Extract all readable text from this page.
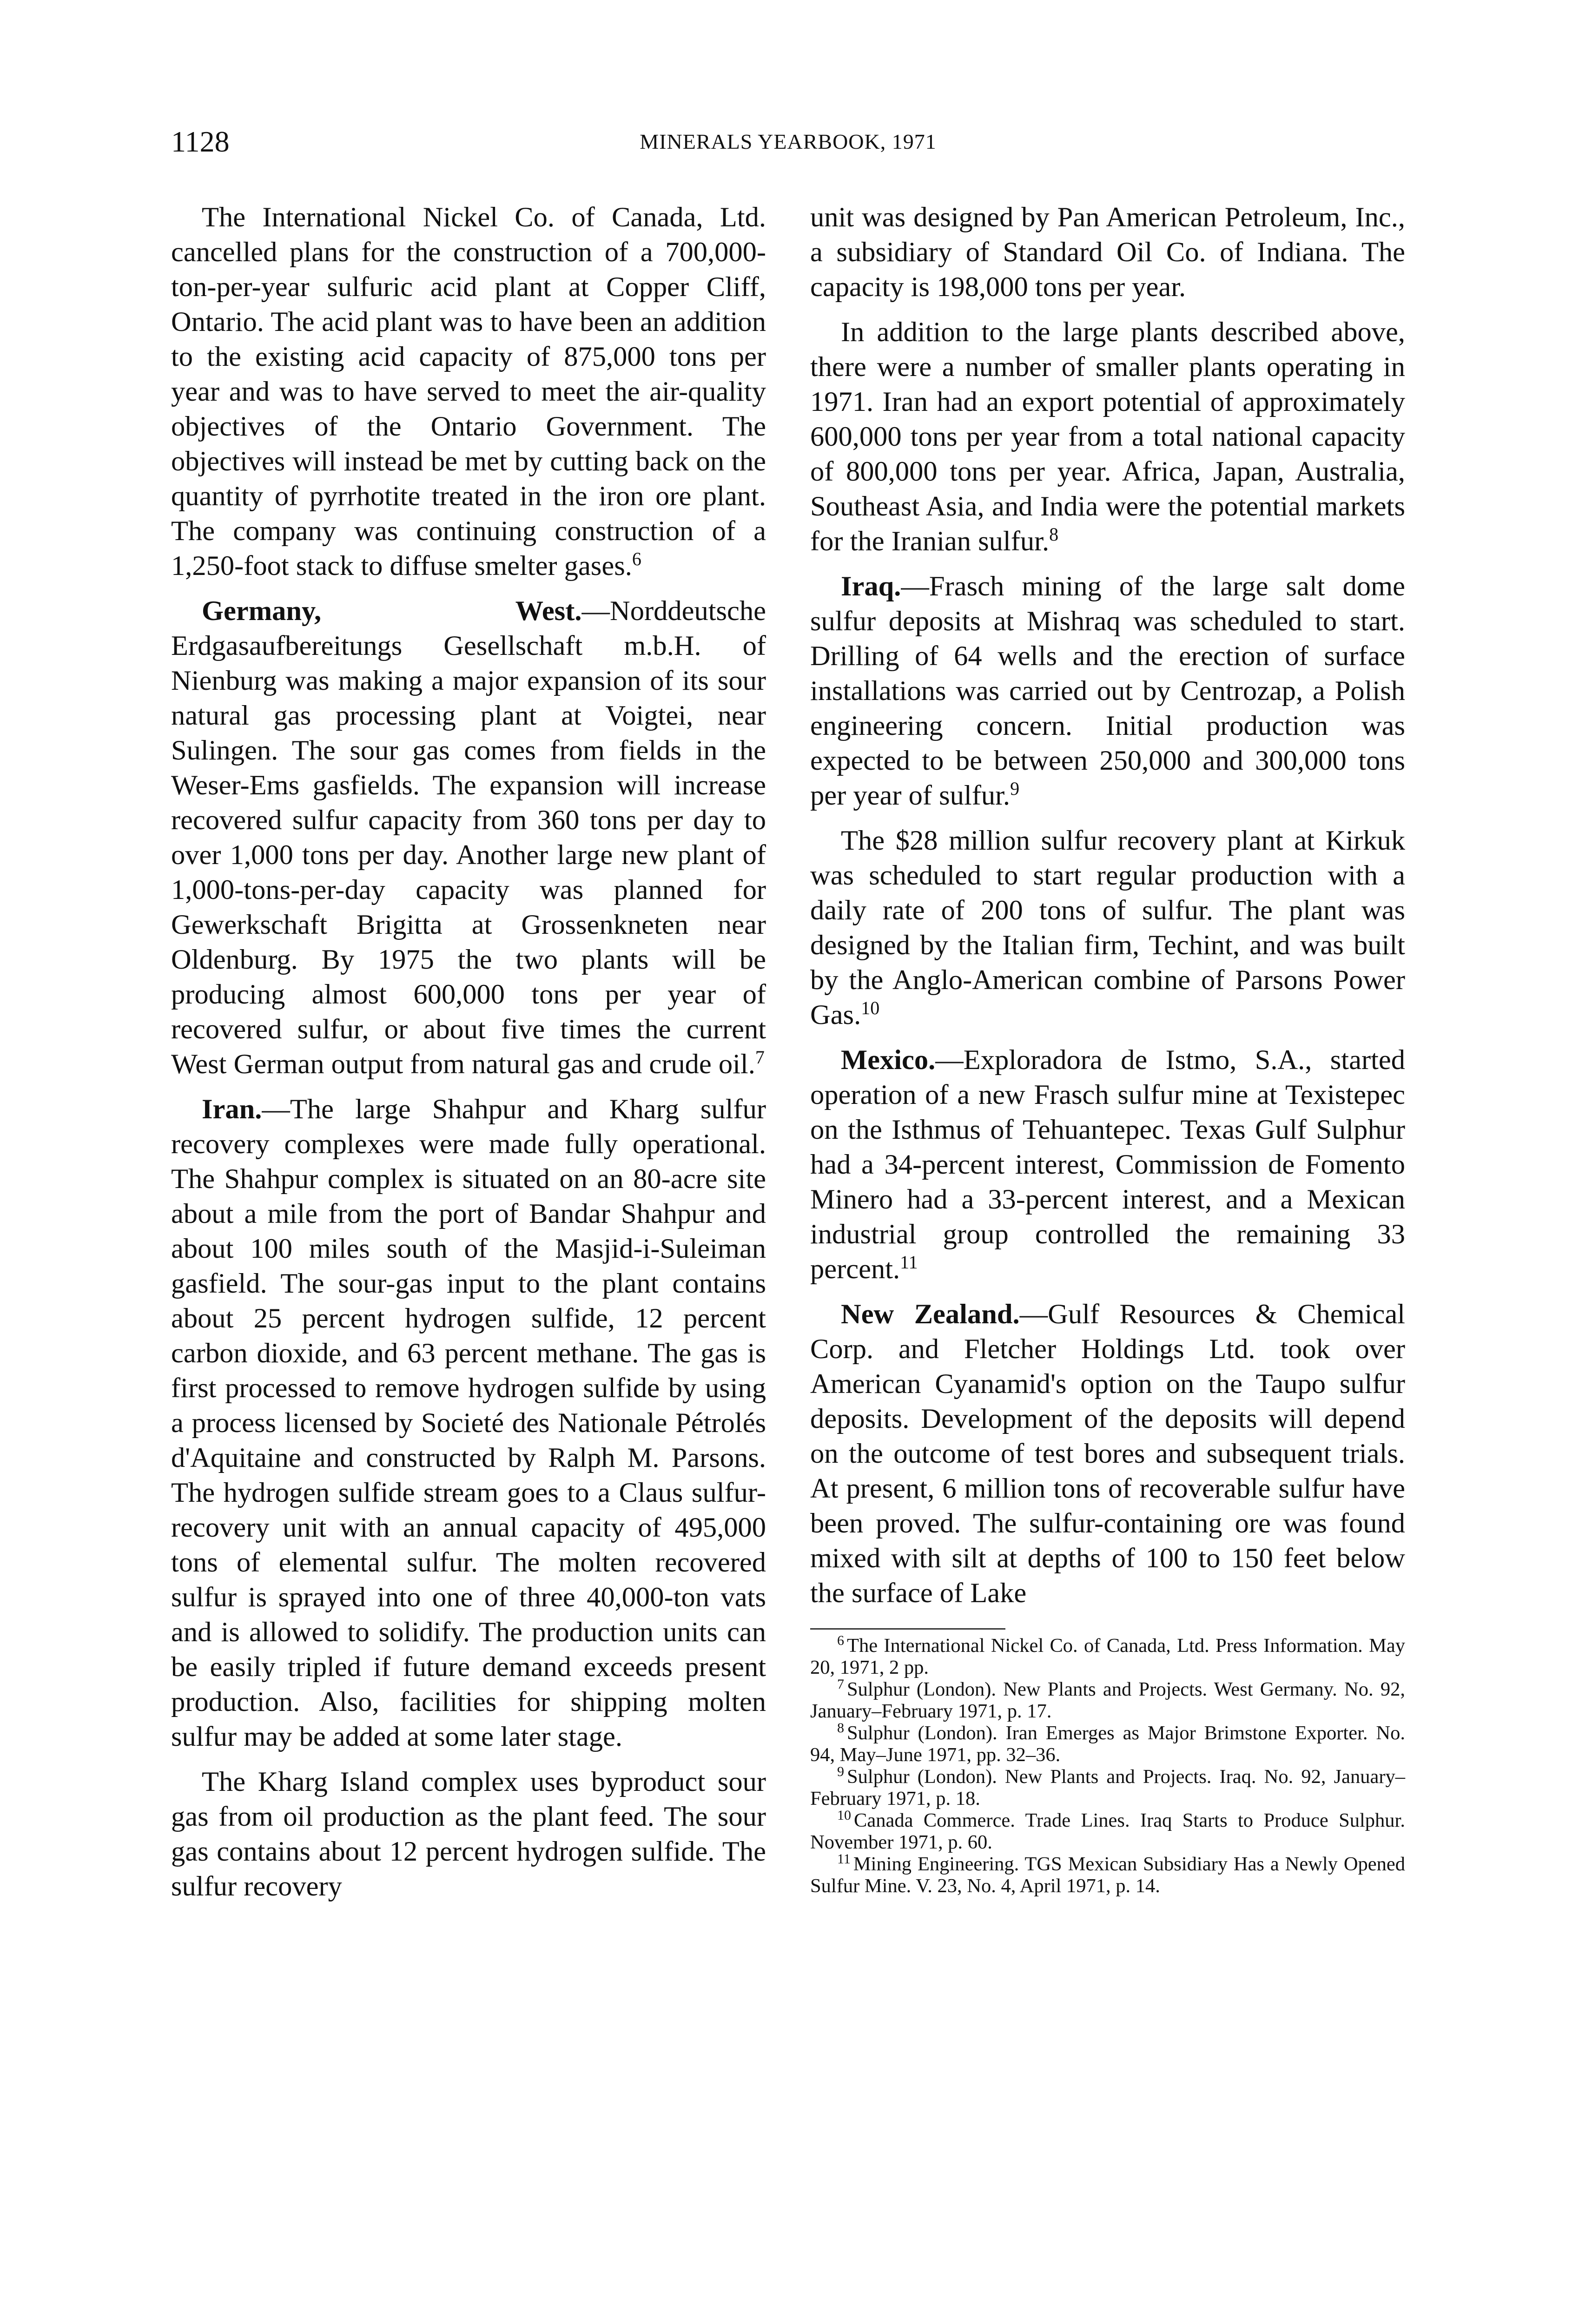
1128	MINERALS YEARBOOK, 1971

The International Nickel Co. of Canada, Ltd. cancelled plans for the construction of a 700,000-ton-per-year sulfuric acid plant at Copper Cliff, Ontario. The acid plant was to have been an addition to the existing acid capacity of 875,000 tons per year and was to have served to meet the air-quality objectives of the Ontario Government. The objectives will instead be met by cutting back on the quantity of pyrrhotite treated in the iron ore plant. The company was continuing construction of a 1,250-foot stack to diffuse smelter gases.$^6$

Germany, West.—Norddeutsche Erdgasaufbereitungs Gesellschaft m.b.H. of Nienburg was making a major expansion of its sour natural gas processing plant at Voigtei, near Sulingen. The sour gas comes from fields in the Weser-Ems gasfields. The expansion will increase recovered sulfur capacity from 360 tons per day to over 1,000 tons per day. Another large new plant of 1,000-tons-per-day capacity was planned for Gewerkschaft Brigitta at Grossenkneten near Oldenburg. By 1975 the two plants will be producing almost 600,000 tons per year of recovered sulfur, or about five times the current West German output from natural gas and crude oil.$^7$

Iran.—The large Shahpur and Kharg sulfur recovery complexes were made fully operational. The Shahpur complex is situated on an 80-acre site about a mile from the port of Bandar Shahpur and about 100 miles south of the Masjid-i-Suleiman gasfield. The sour-gas input to the plant contains about 25 percent hydrogen sulfide, 12 percent carbon dioxide, and 63 percent methane. The gas is first processed to remove hydrogen sulfide by using a process licensed by Societé des Nationale Pétrolés d'Aquitaine and constructed by Ralph M. Parsons. The hydrogen sulfide stream goes to a Claus sulfur-recovery unit with an annual capacity of 495,000 tons of elemental sulfur. The molten recovered sulfur is sprayed into one of three 40,000-ton vats and is allowed to solidify. The production units can be easily tripled if future demand exceeds present production. Also, facilities for shipping molten sulfur may be added at some later stage.

The Kharg Island complex uses byproduct sour gas from oil production as the plant feed. The sour gas contains about 12 percent hydrogen sulfide. The sulfur recovery

unit was designed by Pan American Petroleum, Inc., a subsidiary of Standard Oil Co. of Indiana. The capacity is 198,000 tons per year.

In addition to the large plants described above, there were a number of smaller plants operating in 1971. Iran had an export potential of approximately 600,000 tons per year from a total national capacity of 800,000 tons per year. Africa, Japan, Australia, Southeast Asia, and India were the potential markets for the Iranian sulfur.$^8$

Iraq.—Frasch mining of the large salt dome sulfur deposits at Mishraq was scheduled to start. Drilling of 64 wells and the erection of surface installations was carried out by Centrozap, a Polish engineering concern. Initial production was expected to be between 250,000 and 300,000 tons per year of sulfur.$^9$

The $28 million sulfur recovery plant at Kirkuk was scheduled to start regular production with a daily rate of 200 tons of sulfur. The plant was designed by the Italian firm, Techint, and was built by the Anglo-American combine of Parsons Power Gas.$^{10}$

Mexico.—Exploradora de Istmo, S.A., started operation of a new Frasch sulfur mine at Texistepec on the Isthmus of Tehuantepec. Texas Gulf Sulphur had a 34-percent interest, Commission de Fomento Minero had a 33-percent interest, and a Mexican industrial group controlled the remaining 33 percent.$^{11}$

New Zealand.—Gulf Resources & Chemical Corp. and Fletcher Holdings Ltd. took over American Cyanamid's option on the Taupo sulfur deposits. Development of the deposits will depend on the outcome of test bores and subsequent trials. At present, 6 million tons of recoverable sulfur have been proved. The sulfur-containing ore was found mixed with silt at depths of 100 to 150 feet below the surface of Lake

$^6$ The International Nickel Co. of Canada, Ltd. Press Information. May 20, 1971, 2 pp.

$^7$ Sulphur (London). New Plants and Projects. West Germany. No. 92, January–February 1971, p. 17.

$^8$ Sulphur (London). Iran Emerges as Major Brimstone Exporter. No. 94, May–June 1971, pp. 32–36.

$^9$ Sulphur (London). New Plants and Projects. Iraq. No. 92, January–February 1971, p. 18.

$^{10}$ Canada Commerce. Trade Lines. Iraq Starts to Produce Sulphur. November 1971, p. 60.

$^{11}$ Mining Engineering. TGS Mexican Subsidiary Has a Newly Opened Sulfur Mine. V. 23, No. 4, April 1971, p. 14.
